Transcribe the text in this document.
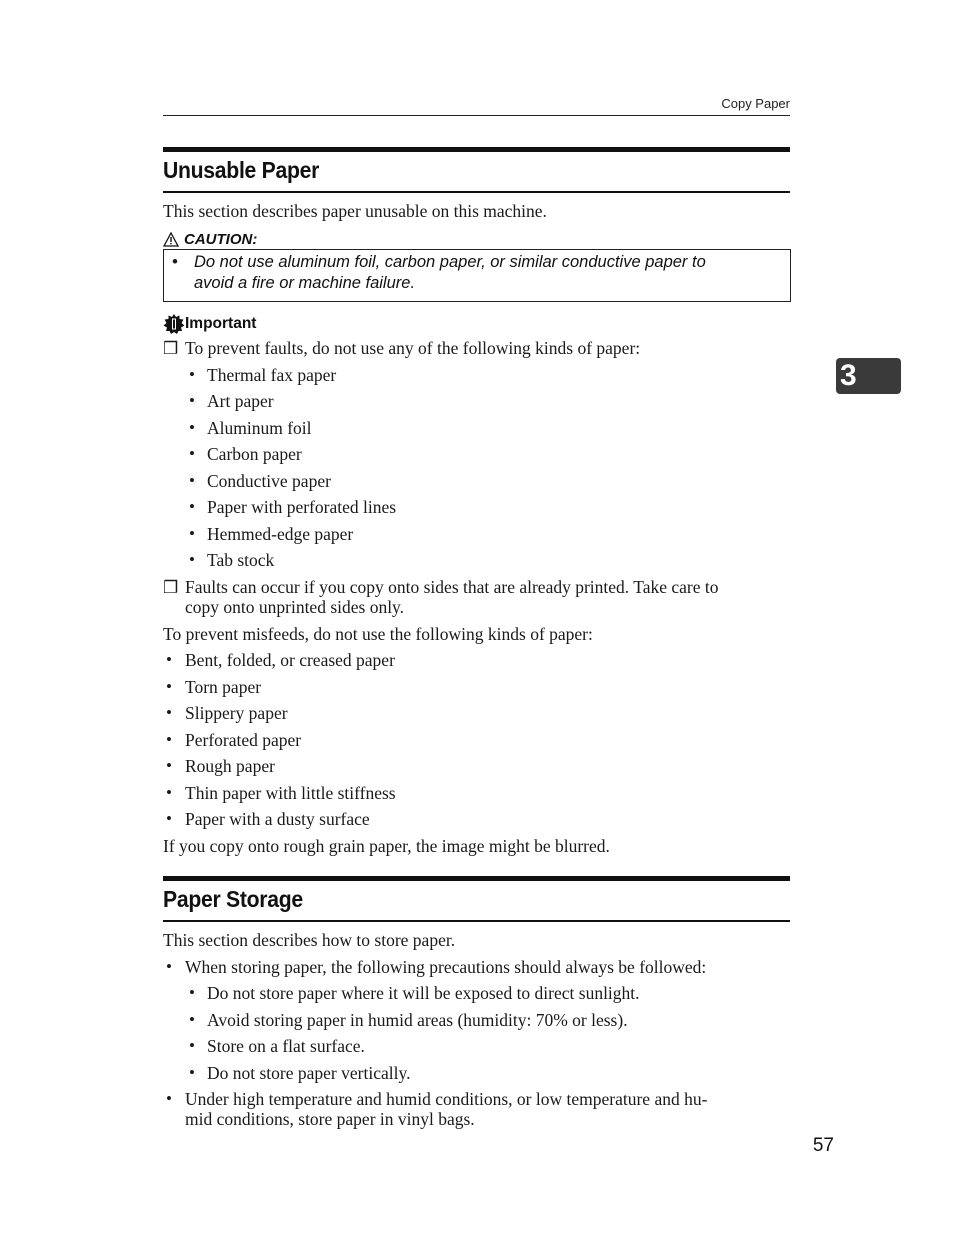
Copy Paper
Unusable Paper
This section describes paper unusable on this machine.
CAUTION:
• Do not use aluminum foil, carbon paper, or similar conductive paper to
avoid a fire or machine failure.
Important
❒ To prevent faults, do not use any of the following kinds of paper:
• Thermal fax paper
• Art paper
• Aluminum foil
• Carbon paper
• Conductive paper
• Paper with perforated lines
• Hemmed-edge paper
• Tab stock
❒ Faults can occur if you copy onto sides that are already printed. Take care to
copy onto unprinted sides only.
To prevent misfeeds, do not use the following kinds of paper:
• Bent, folded, or creased paper
• Torn paper
• Slippery paper
• Perforated paper
• Rough paper
• Thin paper with little stiffness
• Paper with a dusty surface
If you copy onto rough grain paper, the image might be blurred.
Paper Storage
This section describes how to store paper.
• When storing paper, the following precautions should always be followed:
• Do not store paper where it will be exposed to direct sunlight.
• Avoid storing paper in humid areas (humidity: 70% or less).
• Store on a flat surface.
• Do not store paper vertically.
• Under high temperature and humid conditions, or low temperature and hu-
mid conditions, store paper in vinyl bags.
3
57
